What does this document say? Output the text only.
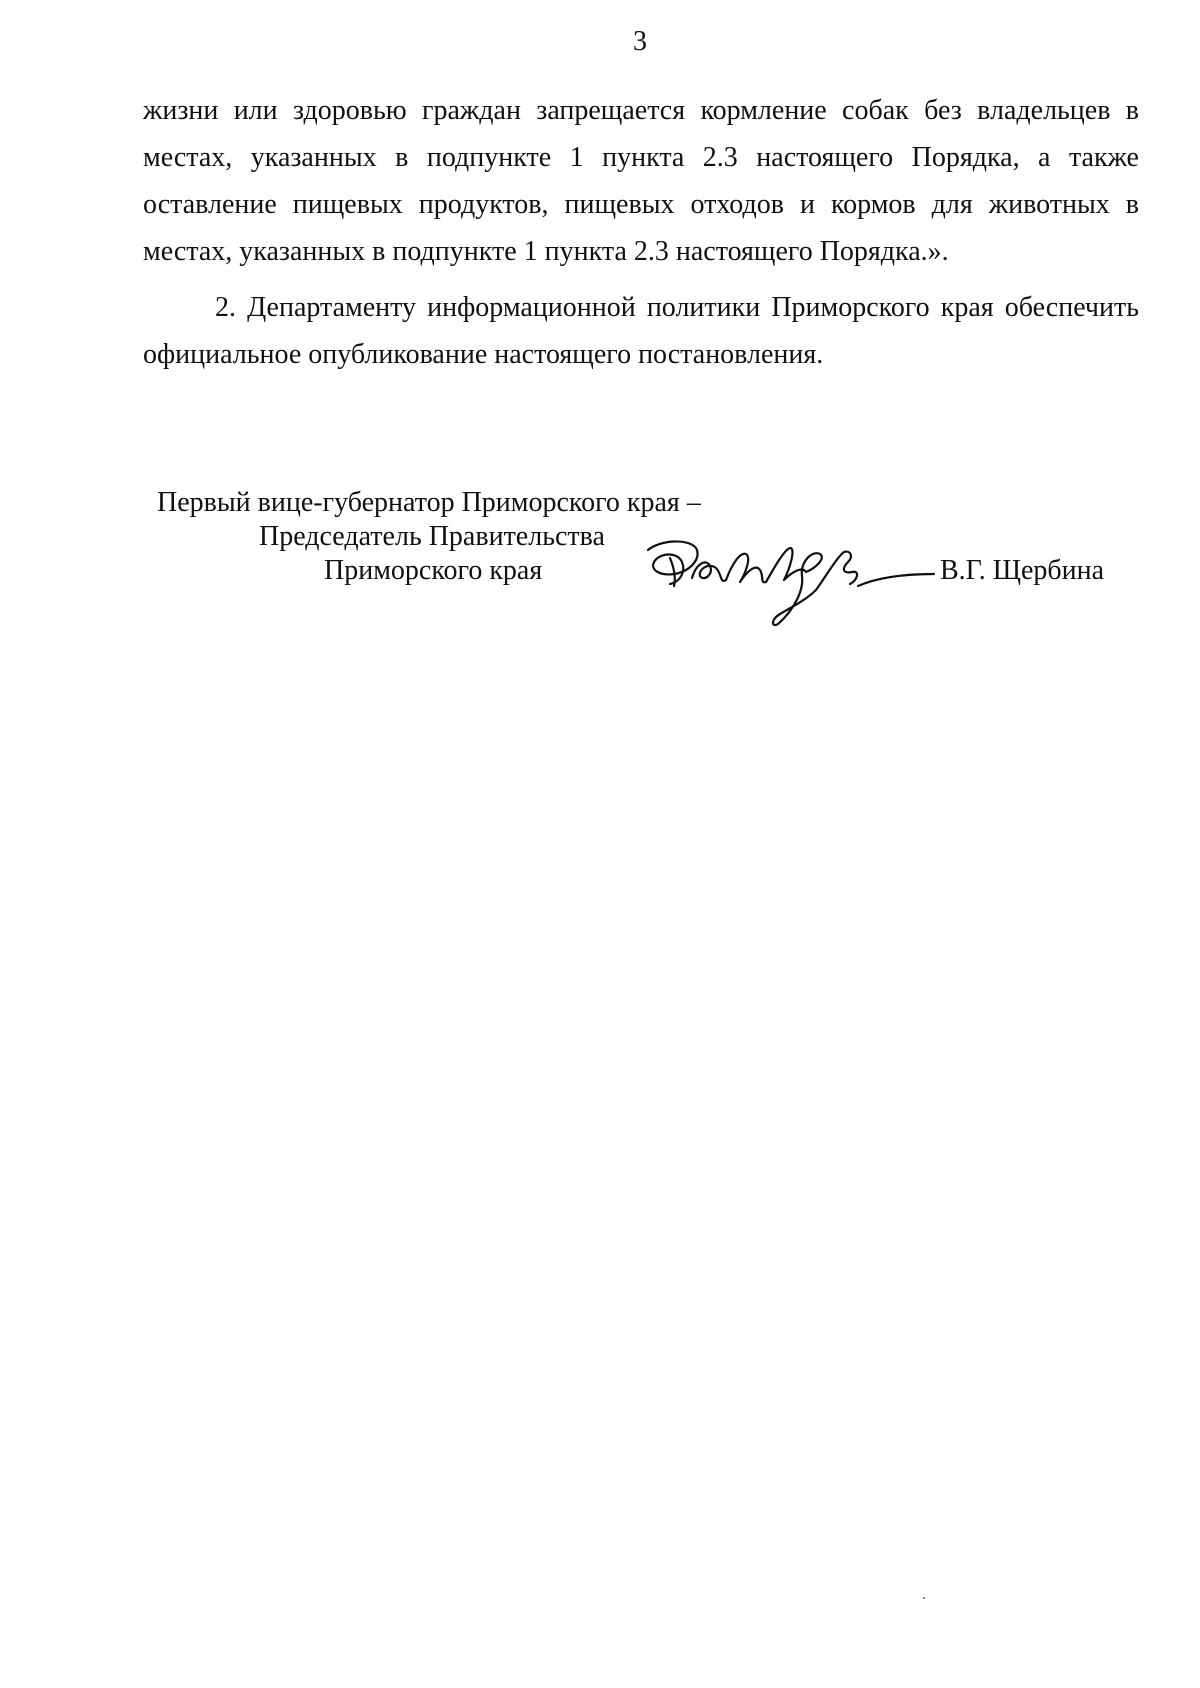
3

жизни или здоровью граждан запрещается кормление собак без владельцев в местах, указанных в подпункте 1 пункта 2.3 настоящего Порядка, а также оставление пищевых продуктов, пищевых отходов и кормов для животных в местах, указанных в подпункте 1 пункта 2.3 настоящего Порядка.».

2. Департаменту информационной политики Приморского края обеспечить официальное опубликование настоящего постановления.

Первый вице-губернатор Приморского края –
Председатель Правительства
Приморского края	В.Г. Щербина
